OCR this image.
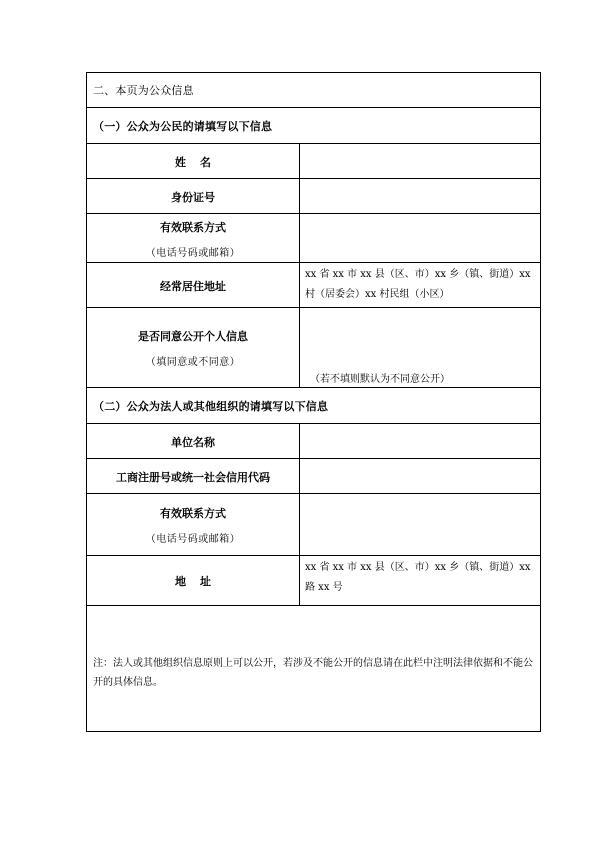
二、本页为公众信息
（一）公众为公民的请填写以下信息
姓名
身份证号
有效联系方式
（电话号码或邮箱）
经常居住地址
xx 省 xx 市 xx 县（区、市）xx 乡（镇、街道）xx 村（居委会）xx 村民组（小区）
是否同意公开个人信息
（填同意或不同意）
（若不填则默认为不同意公开）
（二）公众为法人或其他组织的请填写以下信息
单位名称
工商注册号或统一社会信用代码
有效联系方式
（电话号码或邮箱）
地址
xx 省 xx 市 xx 县（区、市）xx 乡（镇、街道）xx 路 xx 号
注：法人或其他组织信息原则上可以公开，若涉及不能公开的信息请在此栏中注明法律依据和不能公开的具体信息。
